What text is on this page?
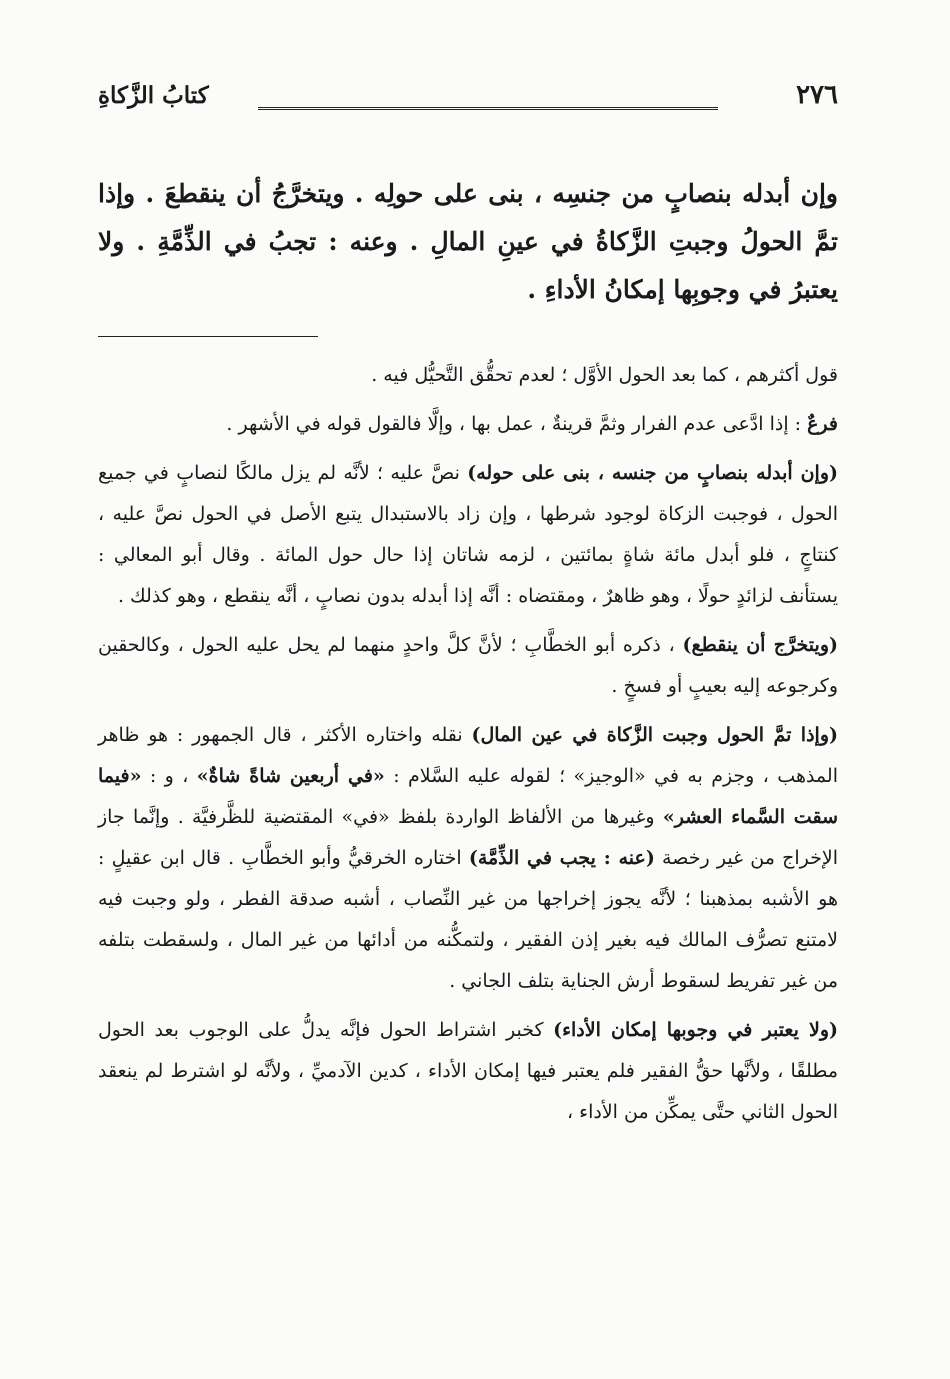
٢٧٦
كتابُ الزَّكاةِ
وإن أبدله بنصابٍ من جنسِه ، بنى على حولِه . ويتخرَّجُ أن ينقطعَ . وإذا تمَّ الحولُ وجبتِ الزَّكاةُ في عينِ المالِ . وعنه : تجبُ في الذِّمَّةِ . ولا يعتبرُ في وجوبِها إمكانُ الأداءِ .

قول أكثرهم ، كما بعد الحول الأوَّل ؛ لعدم تحقُّق التَّحيُّل فيه .

فرعٌ : إذا ادَّعى عدم الفرار وثمَّ قرينةٌ ، عمل بها ، وإلَّا فالقول قوله في الأشهر .

(وإن أبدله بنصابٍ من جنسه ، بنى على حوله) نصَّ عليه ؛ لأنَّه لم يزل مالكًا لنصابٍ في جميع الحول ، فوجبت الزكاة لوجود شرطها ، وإن زاد بالاستبدال يتبع الأصل في الحول نصَّ عليه ، كنتاجٍ ، فلو أبدل مائة شاةٍ بمائتين ، لزمه شاتان إذا حال حول المائة . وقال أبو المعالي : يستأنف لزائدٍ حولًا ، وهو ظاهرٌ ، ومقتضاه : أنَّه إذا أبدله بدون نصابٍ ، أنَّه ينقطع ، وهو كذلك .

(ويتخرَّج أن ينقطع) ، ذكره أبو الخطَّابِ ؛ لأنَّ كلَّ واحدٍ منهما لم يحل عليه الحول ، وكالحقين وكرجوعه إليه بعيبٍ أو فسخٍ .

(وإذا تمَّ الحول وجبت الزَّكاة في عين المال) نقله واختاره الأكثر ، قال الجمهور : هو ظاهر المذهب ، وجزم به في «الوجيز» ؛ لقوله عليه السَّلام : «في أربعين شاةً شاةٌ» ، و : «فيما سقت السَّماء العشر» وغيرها من الألفاظ الواردة بلفظ «في» المقتضية للظَّرفيَّة . وإنَّما جاز الإخراج من غير رخصة (عنه : يجب في الذِّمَّة) اختاره الخرقيُّ وأبو الخطَّابِ . قال ابن عقيلٍ : هو الأشبه بمذهبنا ؛ لأنَّه يجوز إخراجها من غير النِّصاب ، أشبه صدقة الفطر ، ولو وجبت فيه لامتنع تصرُّف المالك فيه بغير إذن الفقير ، ولتمكُّنه من أدائها من غير المال ، ولسقطت بتلفه من غير تفريط لسقوط أرش الجناية بتلف الجاني .

(ولا يعتبر في وجوبها إمكان الأداء) كخبر اشتراط الحول فإنَّه يدلُّ على الوجوب بعد الحول مطلقًا ، ولأنَّها حقُّ الفقير فلم يعتبر فيها إمكان الأداء ، كدين الآدميِّ ، ولأنَّه لو اشترط لم ينعقد الحول الثاني حتَّى يمكِّن من الأداء ،
